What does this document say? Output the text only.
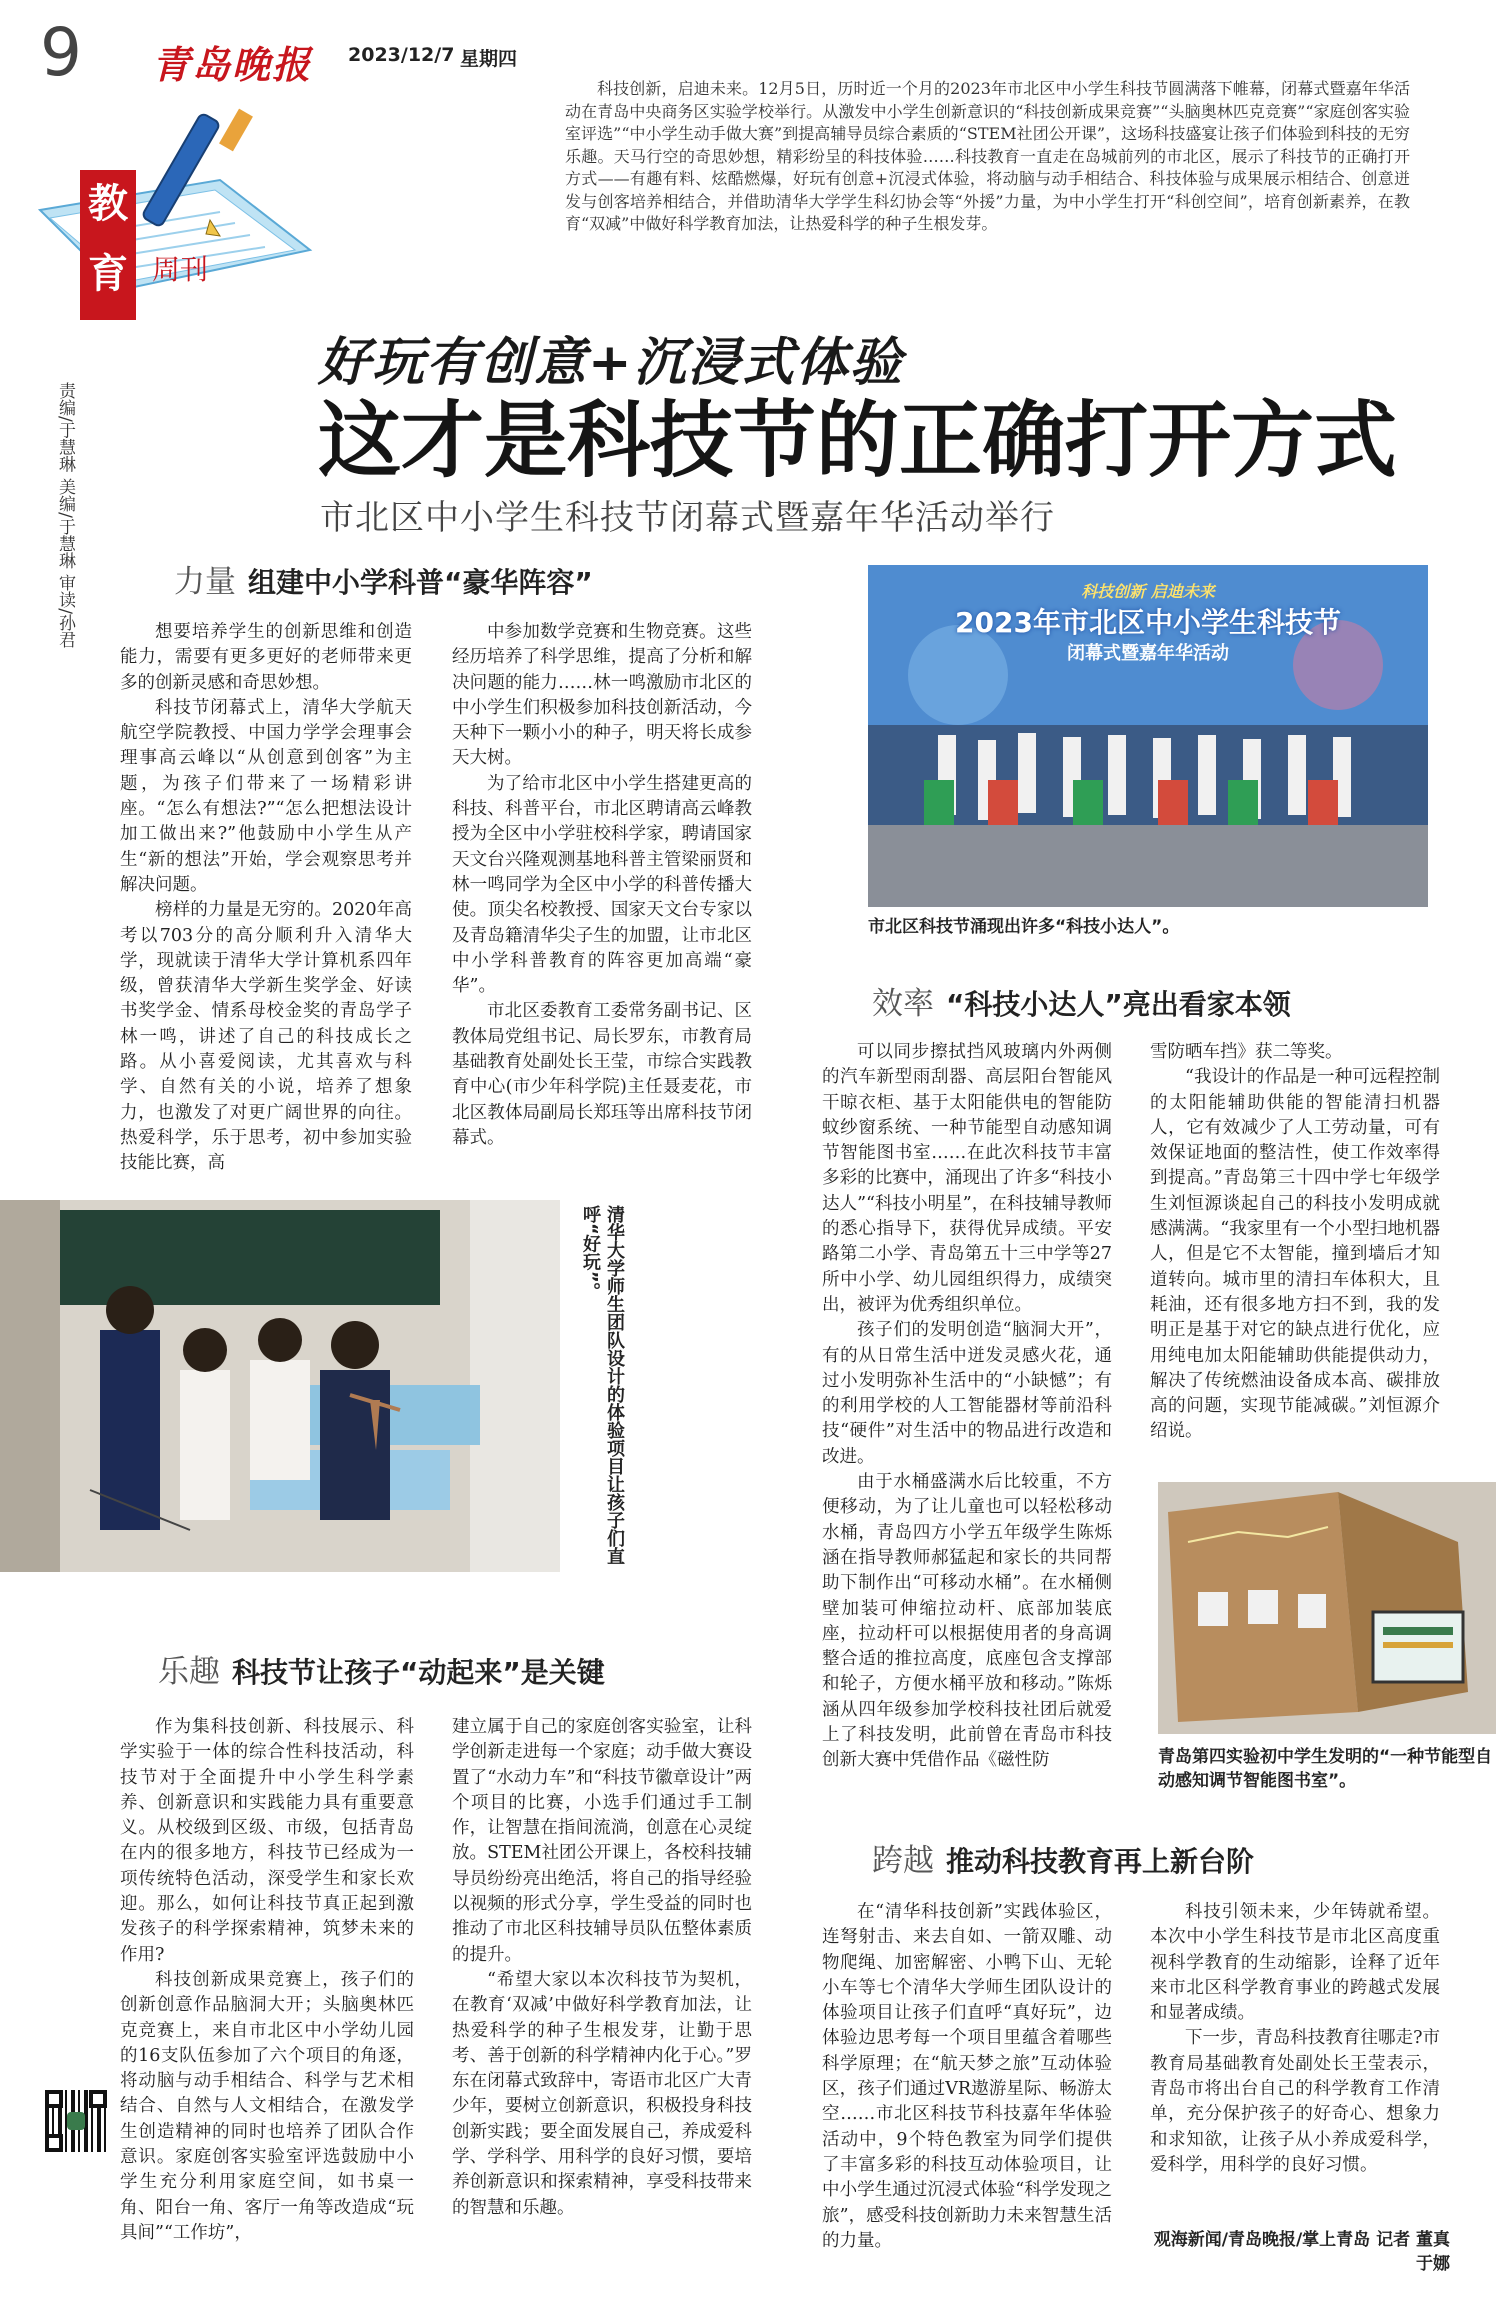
9 青岛晚报 2023/12/7 星期四
教
育 周刊
责编/于慧琳 美编/于慧琳 审读/孙君
科技创新，启迪未来。12月5日，历时近一个月的2023年市北区中小学生科技节圆满落下帷幕，闭幕式暨嘉年华活动在青岛中央商务区实验学校举行。从激发中小学生创新意识的“科技创新成果竞赛”“头脑奥林匹克竞赛”“家庭创客实验室评选”“中小学生动手做大赛”到提高辅导员综合素质的“STEM社团公开课”，这场科技盛宴让孩子们体验到科技的无穷乐趣。天马行空的奇思妙想，精彩纷呈的科技体验……科技教育一直走在岛城前列的市北区，展示了科技节的正确打开方式——有趣有料、炫酷燃爆，好玩有创意+沉浸式体验，将动脑与动手相结合、科技体验与成果展示相结合、创意迸发与创客培养相结合，并借助清华大学学生科幻协会等“外援”力量，为中小学生打开“科创空间”，培育创新素养，在教育“双减”中做好科学教育加法，让热爱科学的种子生根发芽。
好玩有创意+沉浸式体验
这才是科技节的正确打开方式
市北区中小学生科技节闭幕式暨嘉年华活动举行
力量 组建中小学科普“豪华阵容”

想要培养学生的创新思维和创造能力，需要有更多更好的老师带来更多的创新灵感和奇思妙想。

科技节闭幕式上，清华大学航天航空学院教授、中国力学学会理事会理事高云峰以“从创意到创客”为主题，为孩子们带来了一场精彩讲座。“怎么有想法?”“怎么把想法设计加工做出来?”他鼓励中小学生从产生“新的想法”开始，学会观察思考并解决问题。

榜样的力量是无穷的。2020年高考以703分的高分顺利升入清华大学，现就读于清华大学计算机系四年级，曾获清华大学新生奖学金、好读书奖学金、情系母校金奖的青岛学子林一鸣，讲述了自己的科技成长之路。从小喜爱阅读，尤其喜欢与科学、自然有关的小说，培养了想象力，也激发了对更广阔世界的向往。热爱科学，乐于思考，初中参加实验技能比赛，高

中参加数学竞赛和生物竞赛。这些经历培养了科学思维，提高了分析和解决问题的能力……林一鸣激励市北区的中小学生们积极参加科技创新活动，今天种下一颗小小的种子，明天将长成参天大树。

为了给市北区中小学生搭建更高的科技、科普平台，市北区聘请高云峰教授为全区中小学驻校科学家，聘请国家天文台兴隆观测基地科普主管梁丽贤和林一鸣同学为全区中小学的科普传播大使。顶尖名校教授、国家天文台专家以及青岛籍清华尖子生的加盟，让市北区中小学科普教育的阵容更加高端“豪华”。

市北区委教育工委常务副书记、区教体局党组书记、局长罗东，市教育局基础教育处副处长王莹，市综合实践教育中心(市少年科学院)主任聂麦花，市北区教体局副局长郑珏等出席科技节闭幕式。

科技创新 启迪未来
2023年市北区中小学生科技节
闭幕式暨嘉年华活动
市北区科技节涌现出许多“科技小达人”。
清华大学师生团队设计的体验项目让孩子们直呼“好玩”。
效率 “科技小达人”亮出看家本领

可以同步擦拭挡风玻璃内外两侧的汽车新型雨刮器、高层阳台智能风干晾衣柜、基于太阳能供电的智能防蚊纱窗系统、一种节能型自动感知调节智能图书室……在此次科技节丰富多彩的比赛中，涌现出了许多“科技小达人”“科技小明星”，在科技辅导教师的悉心指导下，获得优异成绩。平安路第二小学、青岛第五十三中学等27所中小学、幼儿园组织得力，成绩突出，被评为优秀组织单位。

孩子们的发明创造“脑洞大开”，有的从日常生活中迸发灵感火花，通过小发明弥补生活中的“小缺憾”；有的利用学校的人工智能器材等前沿科技“硬件”对生活中的物品进行改造和改进。

由于水桶盛满水后比较重，不方便移动，为了让儿童也可以轻松移动水桶，青岛四方小学五年级学生陈烁涵在指导教师郝猛起和家长的共同帮助下制作出“可移动水桶”。在水桶侧壁加装可伸缩拉动杆、底部加装底座，拉动杆可以根据使用者的身高调整合适的推拉高度，底座包含支撑部和轮子，方便水桶平放和移动。”陈烁涵从四年级参加学校科技社团后就爱上了科技发明，此前曾在青岛市科技创新大赛中凭借作品《磁性防

雪防晒车挡》获二等奖。

“我设计的作品是一种可远程控制的太阳能辅助供能的智能清扫机器人，它有效减少了人工劳动量，可有效保证地面的整洁性，使工作效率得到提高。”青岛第三十四中学七年级学生刘恒源谈起自己的科技小发明成就感满满。“我家里有一个小型扫地机器人，但是它不太智能，撞到墙后才知道转向。城市里的清扫车体积大，且耗油，还有很多地方扫不到，我的发明正是基于对它的缺点进行优化，应用纯电加太阳能辅助供能提供动力，解决了传统燃油设备成本高、碳排放高的问题，实现节能减碳。”刘恒源介绍说。

青岛第四实验初中学生发明的“一种节能型自动感知调节智能图书室”。
乐趣 科技节让孩子“动起来”是关键

作为集科技创新、科技展示、科学实验于一体的综合性科技活动，科技节对于全面提升中小学生科学素养、创新意识和实践能力具有重要意义。从校级到区级、市级，包括青岛在内的很多地方，科技节已经成为一项传统特色活动，深受学生和家长欢迎。那么，如何让科技节真正起到激发孩子的科学探索精神，筑梦未来的作用?

科技创新成果竞赛上，孩子们的创新创意作品脑洞大开；头脑奥林匹克竞赛上，来自市北区中小学幼儿园的16支队伍参加了六个项目的角逐，将动脑与动手相结合、科学与艺术相结合、自然与人文相结合，在激发学生创造精神的同时也培养了团队合作意识。家庭创客实验室评选鼓励中小学生充分利用家庭空间，如书桌一角、阳台一角、客厅一角等改造成“玩具间”“工作坊”，

建立属于自己的家庭创客实验室，让科学创新走进每一个家庭；动手做大赛设置了“水动力车”和“科技节徽章设计”两个项目的比赛，小选手们通过手工制作，让智慧在指间流淌，创意在心灵绽放。STEM社团公开课上，各校科技辅导员纷纷亮出绝活，将自己的指导经验以视频的形式分享，学生受益的同时也推动了市北区科技辅导员队伍整体素质的提升。

“希望大家以本次科技节为契机，在教育‘双减’中做好科学教育加法，让热爱科学的种子生根发芽，让勤于思考、善于创新的科学精神内化于心。”罗东在闭幕式致辞中，寄语市北区广大青少年，要树立创新意识，积极投身科技创新实践；要全面发展自己，养成爱科学、学科学、用科学的良好习惯，要培养创新意识和探索精神，享受科技带来的智慧和乐趣。

跨越 推动科技教育再上新台阶

在“清华科技创新”实践体验区，连弩射击、来去自如、一箭双雕、动物爬绳、加密解密、小鸭下山、无轮小车等七个清华大学师生团队设计的体验项目让孩子们直呼“真好玩”，边体验边思考每一个项目里蕴含着哪些科学原理；在“航天梦之旅”互动体验区，孩子们通过VR遨游星际、畅游太空……市北区科技节科技嘉年华体验活动中，9个特色教室为同学们提供了丰富多彩的科技互动体验项目，让中小学生通过沉浸式体验“科学发现之旅”，感受科技创新助力未来智慧生活的力量。

科技引领未来，少年铸就希望。本次中小学生科技节是市北区高度重视科学教育的生动缩影，诠释了近年来市北区科学教育事业的跨越式发展和显著成绩。

下一步，青岛科技教育往哪走?市教育局基础教育处副处长王莹表示，青岛市将出台自己的科学教育工作清单，充分保护孩子的好奇心、想象力和求知欲，让孩子从小养成爱科学，爱科学，用科学的良好习惯。

观海新闻/青岛晚报/掌上青岛 记者 董真 于娜
